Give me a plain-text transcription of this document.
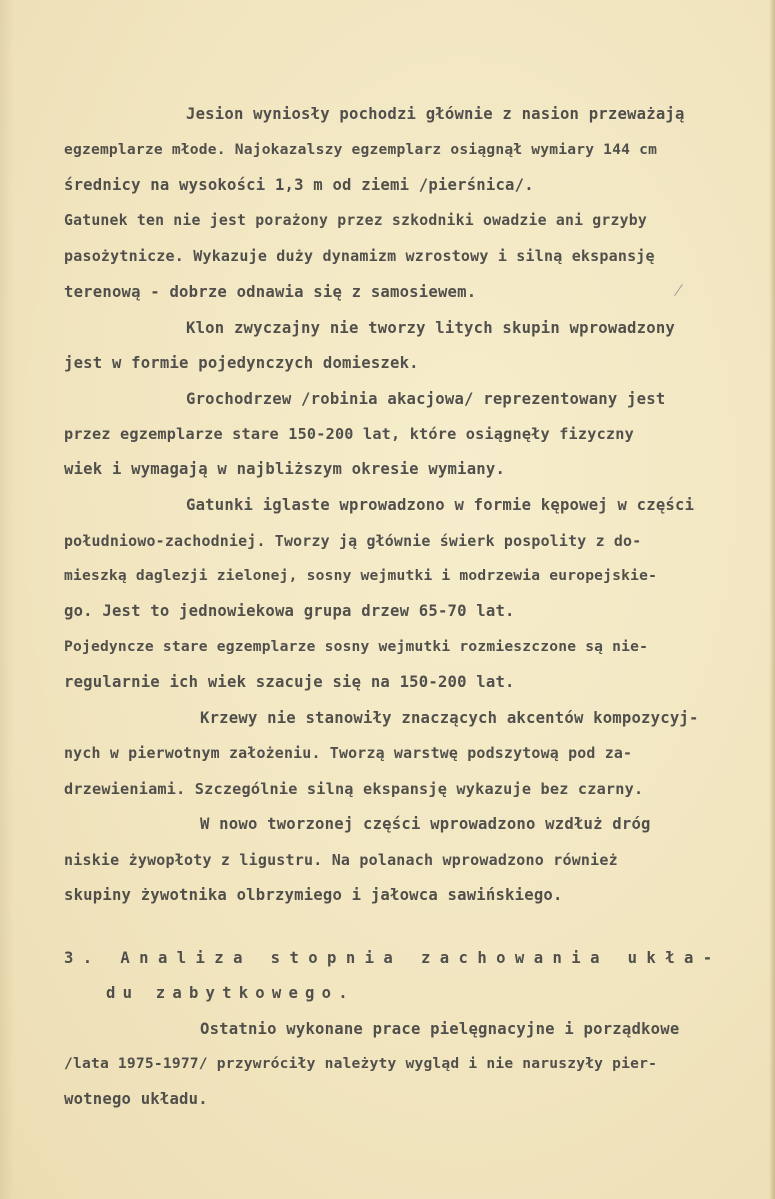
Jesion wyniosły pochodzi głównie z nasion przeważają
egzemplarze młode. Najokazalszy egzemplarz osiągnął wymiary 144 cm
średnicy na wysokości 1,3 m od ziemi /pierśnica/.
Gatunek ten nie jest porażony przez szkodniki owadzie ani grzyby
pasożytnicze. Wykazuje duży dynamizm wzrostowy i silną ekspansję
terenową - dobrze odnawia się z samosiewem.
Klon zwyczajny nie tworzy litych skupin wprowadzony
jest w formie pojedynczych domieszek.
Grochodrzew /robinia akacjowa/ reprezentowany jest
przez egzemplarze stare 150-200 lat, które osiągnęły fizyczny
wiek i wymagają w najbliższym okresie wymiany.
Gatunki iglaste wprowadzono w formie kępowej w części
południowo-zachodniej. Tworzy ją głównie świerk pospolity z do-
mieszką daglezji zielonej, sosny wejmutki i modrzewia europejskie-
go. Jest to jednowiekowa grupa drzew 65-70 lat.
Pojedyncze stare egzemplarze sosny wejmutki rozmieszczone są nie-
regularnie ich wiek szacuje się na 150-200 lat.
Krzewy nie stanowiły znaczących akcentów kompozycyj-
nych w pierwotnym założeniu. Tworzą warstwę podszytową pod za-
drzewieniami. Szczególnie silną ekspansję wykazuje bez czarny.
W nowo tworzonej części wprowadzono wzdłuż dróg
niskie żywopłoty z ligustru. Na polanach wprowadzono również
skupiny żywotnika olbrzymiego i jałowca sawińskiego.
3. Analiza stopnia zachowania ukła-
du zabytkowego.
Ostatnio wykonane prace pielęgnacyjne i porządkowe
/lata 1975-1977/ przywróciły należyty wygląd i nie naruszyły pier-
wotnego układu.
